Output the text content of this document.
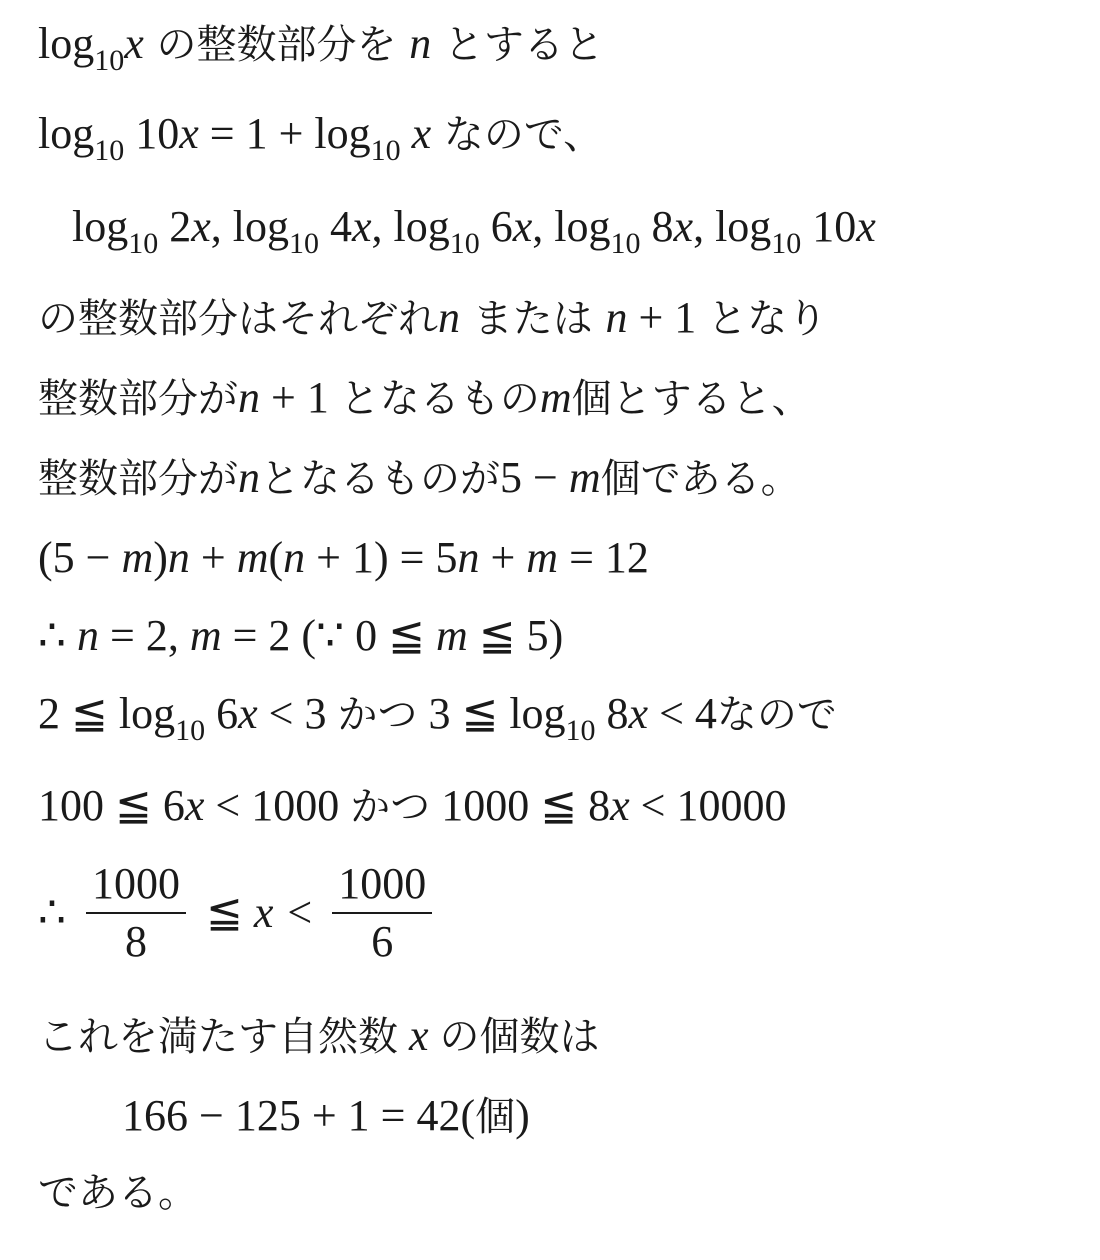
$\log_{10}x$ の整数部分を n とすると
$\log_{10} 10x = 1 + \log_{10} x$ なので、
$\log_{10} 2x$, $\log_{10} 4x$, $\log_{10} 6x$, $\log_{10} 8x$, $\log_{10} 10x$
の整数部分はそれぞれn または n + 1 となり
整数部分がn + 1 となるものm個とすると、
整数部分がnとなるものが5 − m個である。
(5 − m)n + m(n + 1) = 5n + m = 12
∴ n = 2, m = 2 (∵ 0 ≦ m ≦ 5)
2 ≦ $\log_{10} 6x < 3$ かつ 3 ≦ $\log_{10} 8x < 4$なので
100 ≦ 6x < 1000 かつ 1000 ≦ 8x < 10000
∴ $\frac{1000}{8}$ ≦ $x < \frac{1000}{6}$
これを満たす自然数 x の個数は
166 − 125 + 1 = 42(個)
である。
